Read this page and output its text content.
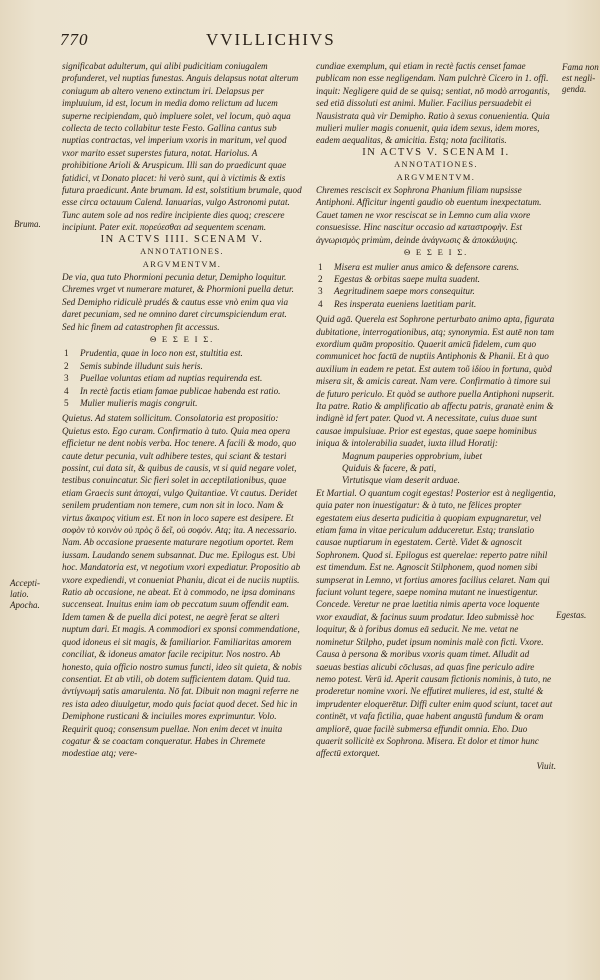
770	VVILLICHIVS

significabat adulterum, qui alibi pudicitiam coniugalem profunderet, vel nuptias funestas. Anguis delapsus notat alterum coniugum ab altero veneno extinctum iri. Delapsus per impluuium, id est, locum in media domo relictum ad lucem superne recipiendam, quò impluere solet, vel locum, quò aqua collecta de tecto collabitur teste Festo. Gallina cantus sub nuptias contractas, vel imperium vxoris in maritum, vel quod vxor marito esset superstes futura, notat. Hariolus. A prohibitione Arioli & Aruspicum. Illi san do praedicunt quae fatidici, vt Donato placet: hi verò sunt, qui à victimis & extis futura praedicunt. Ante brumam. Id est, solstitium brumale, quod esse circa octauum Calend. Ianuarias, vulgo Astronomi putat. Tunc autem sole ad nos redire incipiente dies quoq; crescere incipiunt. Pater exit. πορεύεσθαι ad sequentem scenam.

IN ACTVS IIII. SCENAM V.

ANNOTATIONES.

ARGVMENTVM.

De via, qua tuto Phormioni pecunia detur, Demipho loquitur. Chremes vrget vt numerare maturet, & Phormioni puella detur. Sed Demipho ridiculè prudés & cautus esse vnò enim qua via daret pecuniam, sed ne omnino daret circumspiciendum erat. Sed hic finem ad catastrophen fit accessus.

Θ Ε Σ Ε Ι Σ.

1 Prudentia, quae in loco non est, stultitia est.
2 Semis subinde illudunt suis heris.
3 Puellae voluntas etiam ad nuptias requirenda est.
4 In rectè factis etiam famae publicae habenda est ratio.
5 Mulier mulieris magis congruit.

Quietus. Ad statem sollicitum. Consolatoria est propositio: Quietus esto. Ego curam. Confirmatio à tuto. Quia mea opera efficietur ne dent nobis verba. Hoc tenere. A facili & modo, quo caute detur pecunia, vult adhibere testes, qui sciant & testari possint, cui data sit, & quibus de causis, vt si quid negare volet, testibus conuincatur. Sic fieri solet in acceptilationibus, quae etiam Graecis sunt ἀποχαί, vulgo Quitantiae. Vt cautus. Deridet senilem prudentiam non temere, cum non sit in loco. Nam & virtus ἄκαιρος vitium est. Et non in loco sapere est desipere. Et σοφὸν τὸ κοινὸν οὐ πρὸς ὃ δεῖ, οὐ σοφόν. Atq; ita. A necessario. Nam. Ab occasione praesente maturare negotium oportet. Rem iussam. Laudando senem subsannat. Duc me. Epilogus est. Ubi hoc. Mandatoria est, vt negotium vxori expediatur. Propositio ab vxore expediendi, vt conueniat Phaniu, dicat ei de nuciis nuptiis. Ratio ab occasione, ne abeat. Et à commodo, ne ipsa dominans succenseat. Inuitus enim iam ob peccatum suum offendit eam. Idem tamen & de puella dici potest, ne aegrè ferat se alteri nuptum dari. Et magis. A commodiori ex sponsi commendatione, quod idoneus ei sit magis, & familiarior. Familiaritas amorem conciliat, & idoneus amator facile recipitur. Nos nostro. Ab honesto, quia officio nostro sumus functi, ideo sit quieta, & nobis consentiat. Et ab vtili, ob dotem sufficientem datam. Quid tua. ἀντίγνωμή satis amarulenta. Nō fat. Dibuit non magni referre ne res ista adeo diuulgetur, modo quis faciat quod decet. Sed hic in Demiphone rusticani & inciuiles mores exprimuntur. Volo. Requirit quoq; consensum puellae. Non enim decet vt inuita cogatur & se coactam conqueratur. Habes in Chremete modestiae atq; vere-

cundiae exemplum, qui etiam in rectè factis censet famae publicam non esse negligendam. Nam pulchrè Cicero in 1. offi. inquit: Negligere quid de se quisq; sentiat, nō modò arrogantis, sed etiā dissoluti est animi. Mulier. Facilius persuadebit ei Nausistrata quà vir Demipho. Ratio à sexus conuenientia. Quia mulieri mulier magis conuenit, quia idem sexus, idem mores, eadem aequalitas, & amicitia. Estq; nota facilitatis.

IN ACTVS V. SCENAM I.

ANNOTATIONES.

ARGVMENTVM.

Chremes resciscit ex Sophrona Phanium filiam nupsisse Antiphoni. Afficitur ingenti gaudio ob euentum inexpectatum. Cauet tamen ne vxor resciscat se in Lemno cum alia vxore consuesisse. Hinc nascitur occasio ad καταστροφὴν. Est ἀγνωρισμὸς primùm, deinde ἀνάγνωσις & ἀποκάλυψις.

Θ Ε Σ Ε Ι Σ.

1 Misera est mulier anus amico & defensore carens.
2 Egestas & orbitas saepe multa suadent.
3 Aegritudinem saepe mors consequitur.
4 Res insperata eueniens laetitiam parit.

Quid agā. Querela est Sophrone perturbato animo apta, figurata dubitatione, interrogationibus, atq; synonymia. Est autē non tam exordium quām propositio. Quaerit amicū fidelem, cum quo communicet hoc factū de nuptiis Antiphonis & Phanii. Et à quo auxilium in eadem re petat. Est autem τοῦ ἰδίου in fortuna, quòd misera sit, & amicis careat. Nam vere. Confirmatio à timore sui de futuro periculo. Et quòd se authore puella Antiphoni nupserit. Ita patre. Ratio & amplificatio ab affectu patris, granatè enim & indignè id fert pater. Quod vt. A necessitate, cuius duae sunt causae impulsiuae. Prior est egestas, quae saepe hominibus iniqua & intolerabilia suadet, iuxta illud Horatij:

Magnum pauperies opprobrium, iubet

Quiduis & facere, & pati,

Virtutisque viam deserit arduae.

Et Martial. O quantum cogit egestas! Posterior est à negligentia, quia pater non inuestigatur: & à tuto, ne fēlices propter egestatem eius deserta pudicitia à quopiam expugnaretur, vel etiam fama in vitae periculum adduceretur. Estq; translatio causae nuptiarum in egestatem. Certè. Videt & agnoscit Sophronem. Quod si. Epilogus est querelae: reperto patre nihil est timendum. Est ne. Agnoscit Stilphonem, quod nomen sibi sumpserat in Lemno, vt fortius amores facilius celaret. Nam qui faciunt volunt tegere, saepe nomina mutant ne inuestigentur. Concede. Veretur ne prae laetitia nimis aperta voce loquente vxor exaudiat, & facinus suum prodatur. Ideo submissè hoc loquitur, & à foribus domus eā seducit. Ne me. vetat ne nominetur Stilpho, pudet ipsum nominis malè con ficti. Vxore. Causa à persona & moribus vxoris quam timet. Alludit ad saeuas bestias alicubi cōclusas, ad quas fine periculo adire nemo potest. Verū id. Aperit causam fictionis nominis, à tuto, ne proderetur nomine vxori. Ne effutiret mulieres, id est, stulté & imprudenter eloquerētur. Diffi culter enim quod sciunt, tacet aut continēt, vt vafa fictilia, quae habent angustū fundum & oram ampliorē, quae facilè submersa effundit omnia. Eho. Duo quaerit sollicitè ex Sophrona. Misera. Et dolor et timor hunc affectū extorquet.

Viuit.

Bruma.
Accepti-
latio.
Apocha.
Fama non
est negli-
genda.
Egestas.
